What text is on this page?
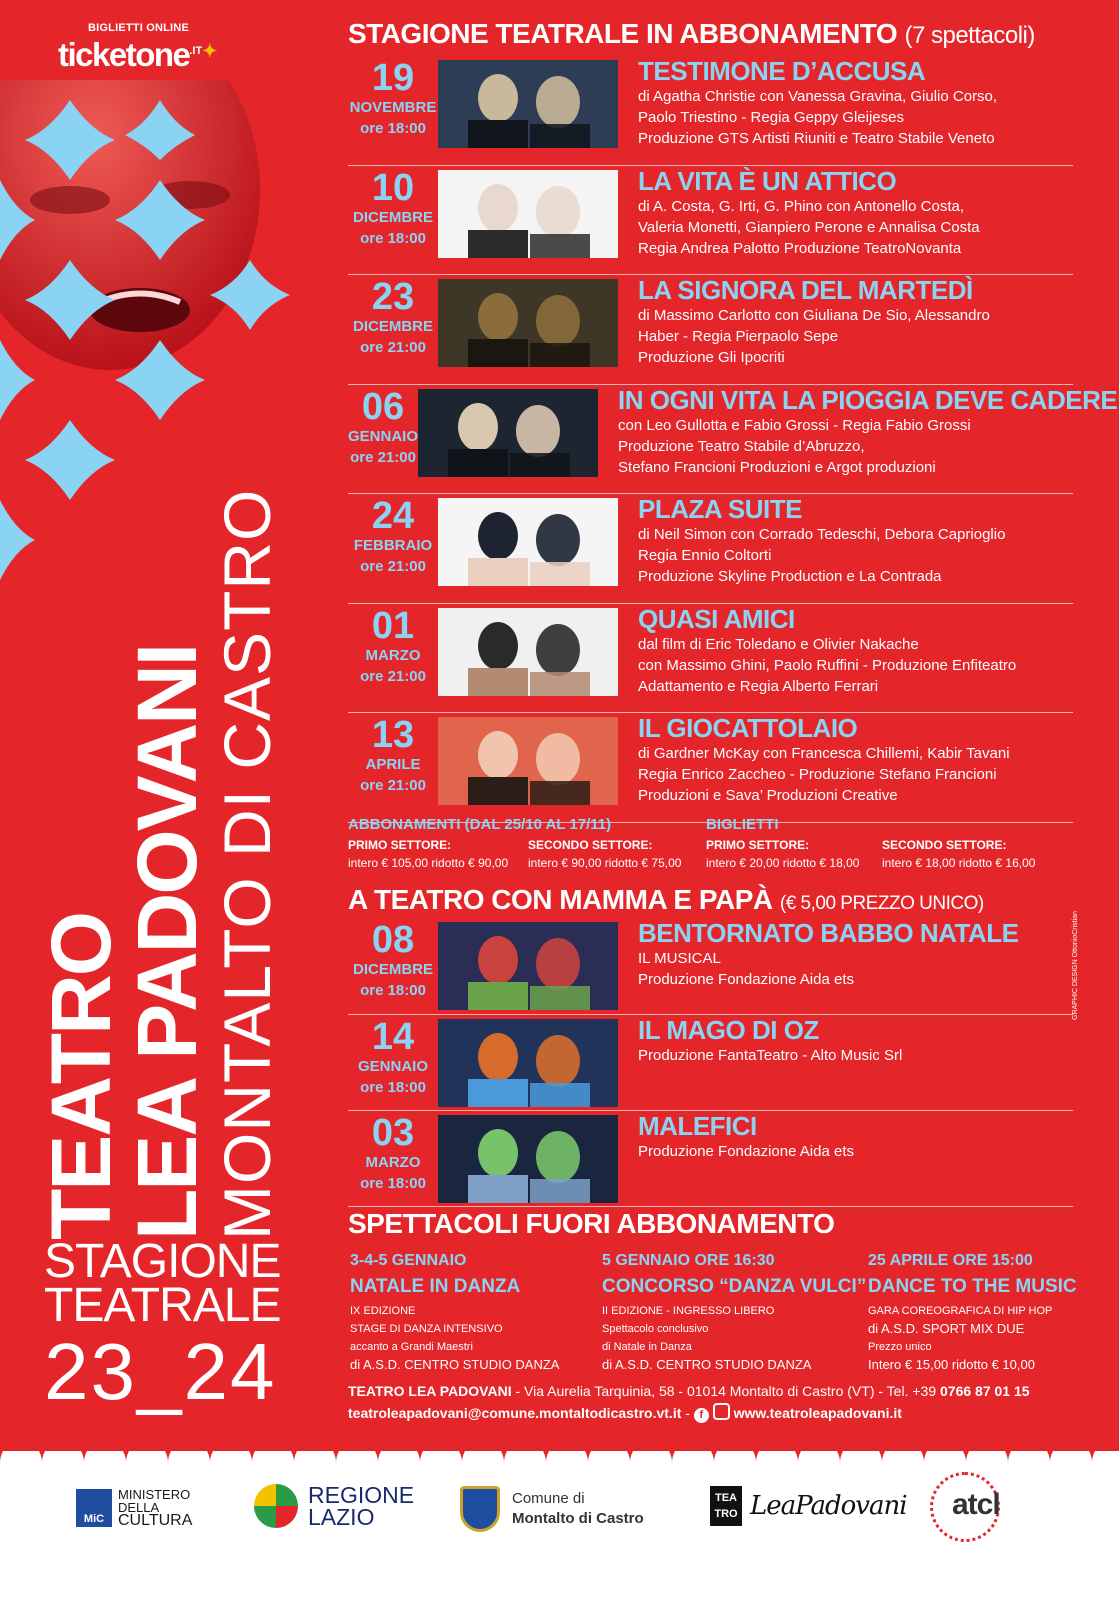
BIGLIETTI ONLINE
ticketone$^{.IT✦}$
TEATRO
LEA PADOVANI
MONTALTO DI CASTRO
STAGIONE
TEATRALE
23_24
STAGIONE TEATRALE IN ABBONAMENTO (7 spettacoli)
19
NOVEMBRE
ore 18:00
TESTIMONE D’ACCUSA
di Agatha Christie con Vanessa Gravina, Giulio Corso,
Paolo Triestino - Regia Geppy Gleijeses
Produzione GTS Artisti Riuniti e Teatro Stabile Veneto
10
DICEMBRE
ore 18:00
LA VITA È UN ATTICO
di A. Costa, G. Irti, G. Phino con Antonello Costa,
Valeria Monetti, Gianpiero Perone e Annalisa Costa
Regia Andrea Palotto Produzione TeatroNovanta
23
DICEMBRE
ore 21:00
LA SIGNORA DEL MARTEDÌ
di Massimo Carlotto con Giuliana De Sio, Alessandro
Haber - Regia Pierpaolo Sepe
Produzione Gli Ipocriti
06
GENNAIO
ore 21:00
IN OGNI VITA LA PIOGGIA DEVE CADERE
con Leo Gullotta e Fabio Grossi - Regia Fabio Grossi
Produzione Teatro Stabile d’Abruzzo,
Stefano Francioni Produzioni e Argot produzioni
24
FEBBRAIO
ore 21:00
PLAZA SUITE
di Neil Simon con Corrado Tedeschi, Debora Caprioglio
Regia Ennio Coltorti
Produzione Skyline Production e La Contrada
01
MARZO
ore 21:00
QUASI AMICI
dal film di Eric Toledano e Olivier Nakache
con Massimo Ghini, Paolo Ruffini - Produzione Enfiteatro
Adattamento e Regia Alberto Ferrari
13
APRILE
ore 21:00
IL GIOCATTOLAIO
di Gardner McKay con Francesca Chillemi, Kabir Tavani
Regia Enrico Zaccheo - Produzione Stefano Francioni
Produzioni e Sava’ Produzioni Creative
ABBONAMENTI (DAL 25/10 AL 17/11)	BIGLIETTI
PRIMO SETTORE:
intero € 105,00 ridotto € 90,00
SECONDO SETTORE:
intero € 90,00 ridotto € 75,00
PRIMO SETTORE:
intero € 20,00 ridotto € 18,00
SECONDO SETTORE:
intero € 18,00 ridotto € 16,00
A TEATRO CON MAMMA E PAPÀ (€ 5,00 PREZZO UNICO)
08
DICEMBRE
ore 18:00
BENTORNATO BABBO NATALE
IL MUSICAL
Produzione Fondazione Aida ets
14
GENNAIO
ore 18:00
IL MAGO DI OZ
Produzione FantaTeatro - Alto Music Srl
03
MARZO
ore 18:00
MALEFICI
Produzione Fondazione Aida ets
SPETTACOLI FUORI ABBONAMENTO
3-4-5 GENNAIO
NATALE IN DANZA
IX EDIZIONE
STAGE DI DANZA INTENSIVO
accanto a Grandi Maestri
di A.S.D. CENTRO STUDIO DANZA
5 GENNAIO ORE 16:30
CONCORSO “DANZA VULCI”
II EDIZIONE - INGRESSO LIBERO
Spettacolo conclusivo
di Natale in Danza
di A.S.D. CENTRO STUDIO DANZA
25 APRILE ORE 15:00
DANCE TO THE MUSIC
GARA COREOGRAFICA DI HIP HOP
di A.S.D. SPORT MIX DUE
Prezzo unico
Intero € 15,00 ridotto € 10,00
TEATRO LEA PADOVANI - Via Aurelia Tarquinia, 58 - 01014 Montalto di Castro (VT) - Tel. +39 0766 87 01 15
teatroleapadovani@comune.montaltodicastro.vt.it - f www.teatroleapadovani.it
GRAPHIC DESIGN OttonioCristian
MiC
MINISTERO
DELLA
CULTURA
REGIONE
LAZIO
Comune di
Montalto di Castro
TEA
TRO LeaPadovani atcl
